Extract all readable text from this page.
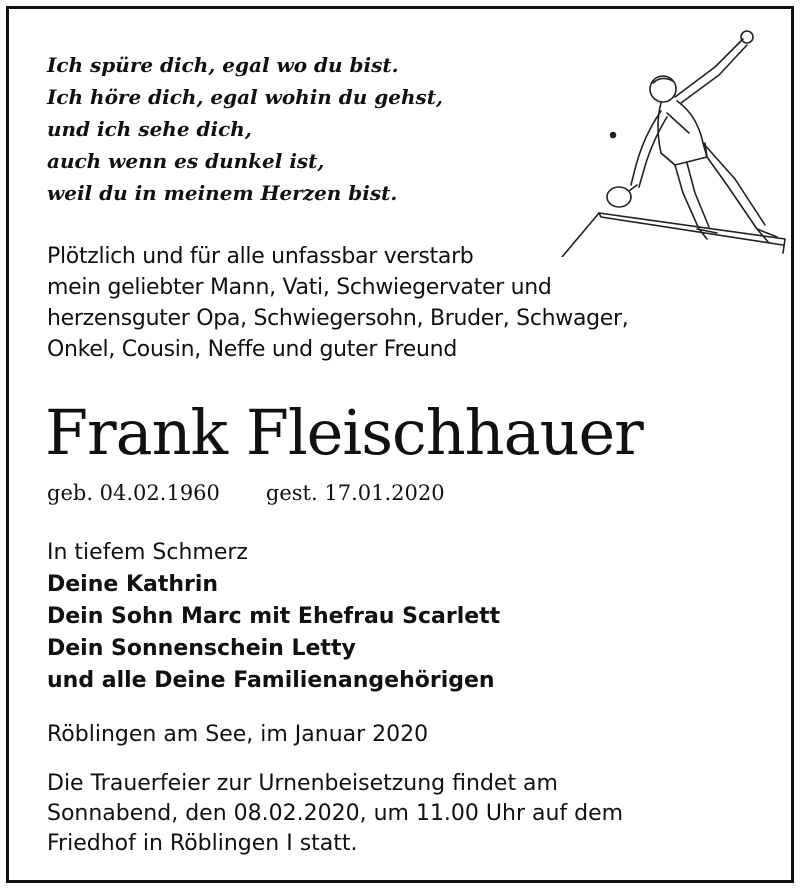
Ich spüre dich, egal wo du bist.
Ich höre dich, egal wohin du gehst,
und ich sehe dich,
auch wenn es dunkel ist,
weil du in meinem Herzen bist.
Plötzlich und für alle unfassbar verstarb
mein geliebter Mann, Vati, Schwiegervater und
herzensguter Opa, Schwiegersohn, Bruder, Schwager,
Onkel, Cousin, Neffe und guter Freund
Frank Fleischhauer
geb. 04.02.1960 gest. 17.01.2020
In tiefem Schmerz
Deine Kathrin
Dein Sohn Marc mit Ehefrau Scarlett
Dein Sonnenschein Letty
und alle Deine Familienangehörigen
Röblingen am See, im Januar 2020
Die Trauerfeier zur Urnenbeisetzung findet am
Sonnabend, den 08.02.2020, um 11.00 Uhr auf dem
Friedhof in Röblingen I statt.
